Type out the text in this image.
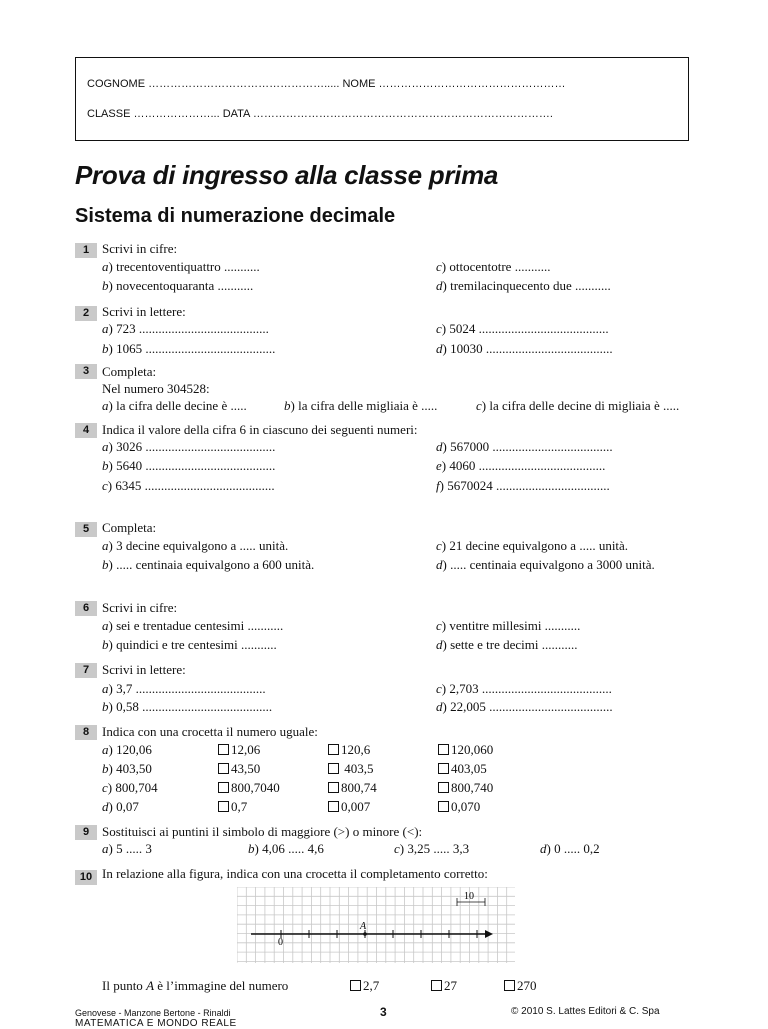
COGNOME …………………………………………..... NOME ……………………………………………
CLASSE …………………... DATA ……………………………………………………………………….
Prova di ingresso alla classe prima
Sistema di numerazione decimale
1 Scrivi in cifre:
a) trecentoventiquattro ...........	c) ottocentotre ...........
b) novecentoquaranta ...........	d) tremilacinquecento due ...........
2 Scrivi in lettere:
a) 723 ........................................	c) 5024 ........................................
b) 1065 ........................................	d) 10030 .......................................
3 Completa:
Nel numero 304528:
a) la cifra delle decine è .....	b) la cifra delle migliaia è .....	c) la cifra delle decine di migliaia è .....
4 Indica il valore della cifra 6 in ciascuno dei seguenti numeri:
a) 3026 ........................................	d) 567000 .....................................
b) 5640 ........................................	e) 4060 .......................................
c) 6345 ........................................	f) 5670024 ...................................
5 Completa:
a) 3 decine equivalgono a ..... unità.	c) 21 decine equivalgono a ..... unità.
b) ..... centinaia equivalgono a 600 unità.	d) ..... centinaia equivalgono a 3000 unità.
6 Scrivi in cifre:
a) sei e trentadue centesimi ...........	c) ventitre millesimi ...........
b) quindici e tre centesimi ...........	d) sette e tre decimi ...........
7 Scrivi in lettere:
a) 3,7 ........................................	c) 2,703 ........................................
b) 0,58 ........................................	d) 22,005 ......................................
8 Indica con una crocetta il numero uguale:
a) 120,06	12,06	120,6	120,060
b) 403,50	43,50	403,5	403,05
c) 800,704	800,7040	800,74	800,740
d) 0,07	0,7	0,007	0,070
9 Sostituisci ai puntini il simbolo di maggiore (>) o minore (<):
a) 5 ..... 3	b) 4,06 ..... 4,6	c) 3,25 ..... 3,3	d) 0 ..... 0,2
10 In relazione alla figura, indica con una crocetta il completamento corretto:
A
0
10
Il punto A è l’immagine del numero	2,7	27	270
Genovese - Manzone Bertone - Rinaldi
MATEMATICA E MONDO REALE
3	© 2010 S. Lattes Editori & C. Spa
